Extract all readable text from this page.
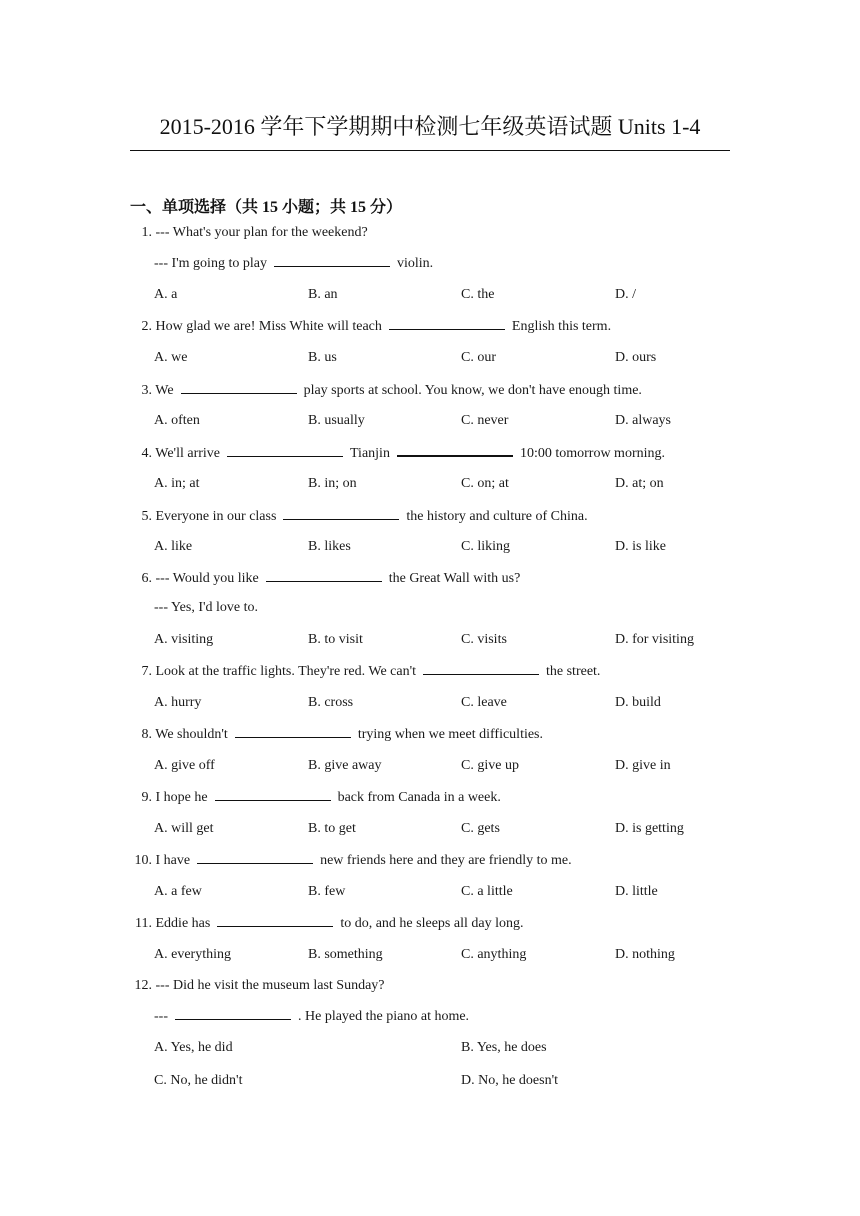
2015-2016 学年下学期期中检测七年级英语试题 Units 1-4
一、单项选择（共 15 小题；共 15 分）
1. --- What's your plan for the weekend?
--- I'm going to play	violin.
A. a	B. an	C. the	D. /
2. How glad we are! Miss White will teach	English this term.
A. we	B. us	C. our	D. ours
3. We	play sports at school. You know, we don't have enough time.
A. often	B. usually	C. never	D. always
4. We'll arrive	Tianjin	10:00 tomorrow morning.
A. in; at	B. in; on	C. on; at	D. at; on
5. Everyone in our class	the history and culture of China.
A. like	B. likes	C. liking	D. is like
6. --- Would you like	the Great Wall with us?
--- Yes, I'd love to.
A. visiting	B. to visit	C. visits	D. for visiting
7. Look at the traffic lights. They're red. We can't	the street.
A. hurry	B. cross	C. leave	D. build
8. We shouldn't	trying when we meet difficulties.
A. give off	B. give away	C. give up	D. give in
9. I hope he	back from Canada in a week.
A. will get	B. to get	C. gets	D. is getting
10. I have	new friends here and they are friendly to me.
A. a few	B. few	C. a little	D. little
11. Eddie has	to do, and he sleeps all day long.
A. everything	B. something	C. anything	D. nothing
12. --- Did he visit the museum last Sunday?
---	. He played the piano at home.
A. Yes, he did	B. Yes, he does
C. No, he didn't	D. No, he doesn't
